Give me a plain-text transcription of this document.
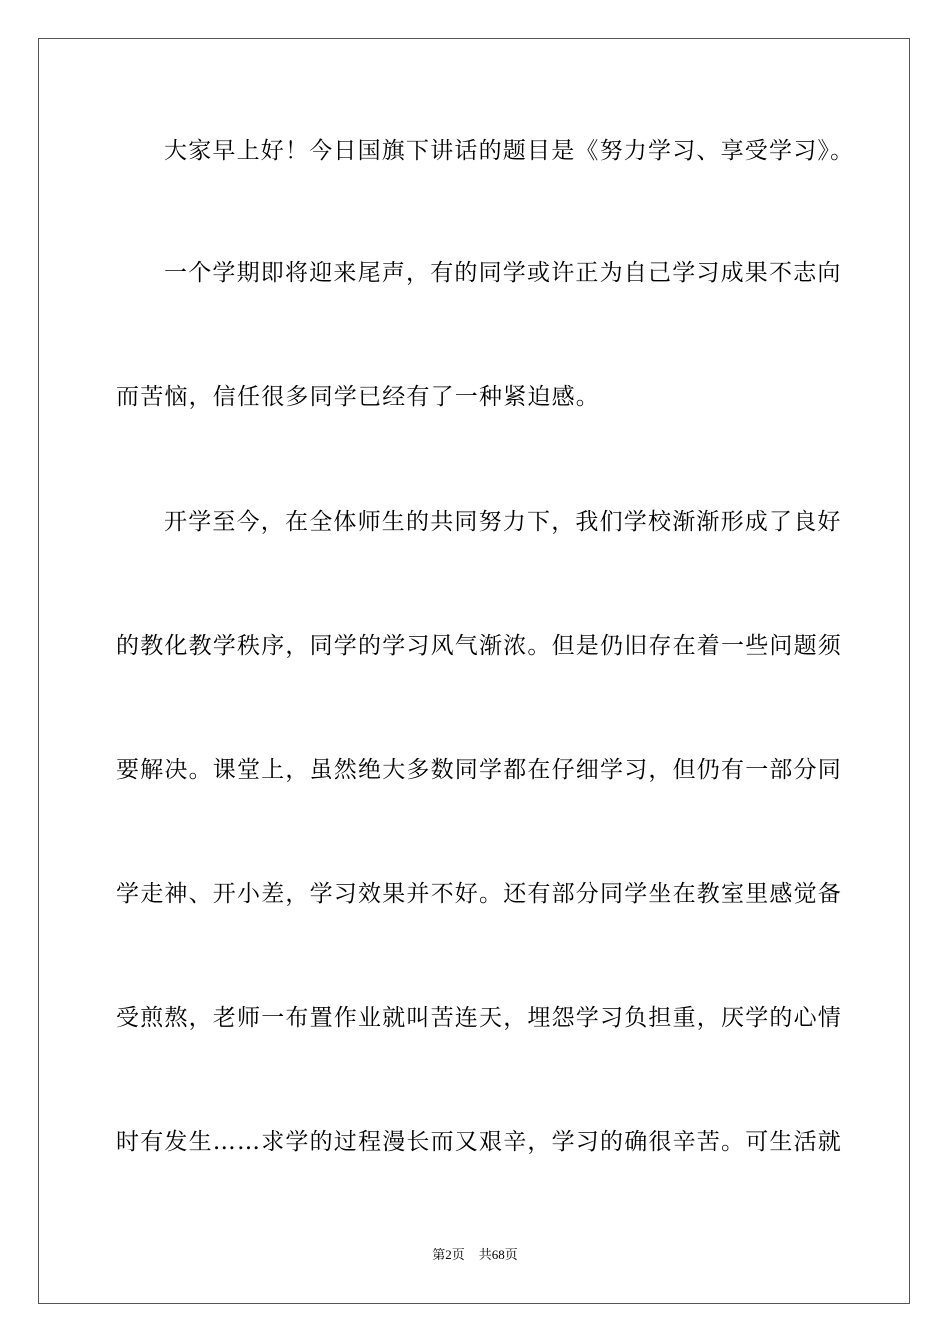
大家早上好！今日国旗下讲话的题目是《努力学习、享受学习》。
一个学期即将迎来尾声，有的同学或许正为自己学习成果不志向
而苦恼，信任很多同学已经有了一种紧迫感。
开学至今，在全体师生的共同努力下，我们学校渐渐形成了良好
的教化教学秩序，同学的学习风气渐浓。但是仍旧存在着一些问题须
要解决。课堂上，虽然绝大多数同学都在仔细学习，但仍有一部分同
学走神、开小差，学习效果并不好。还有部分同学坐在教室里感觉备
受煎熬，老师一布置作业就叫苦连天，埋怨学习负担重，厌学的心情
时有发生……求学的过程漫长而又艰辛，学习的确很辛苦。可生活就
第2页 共68页
